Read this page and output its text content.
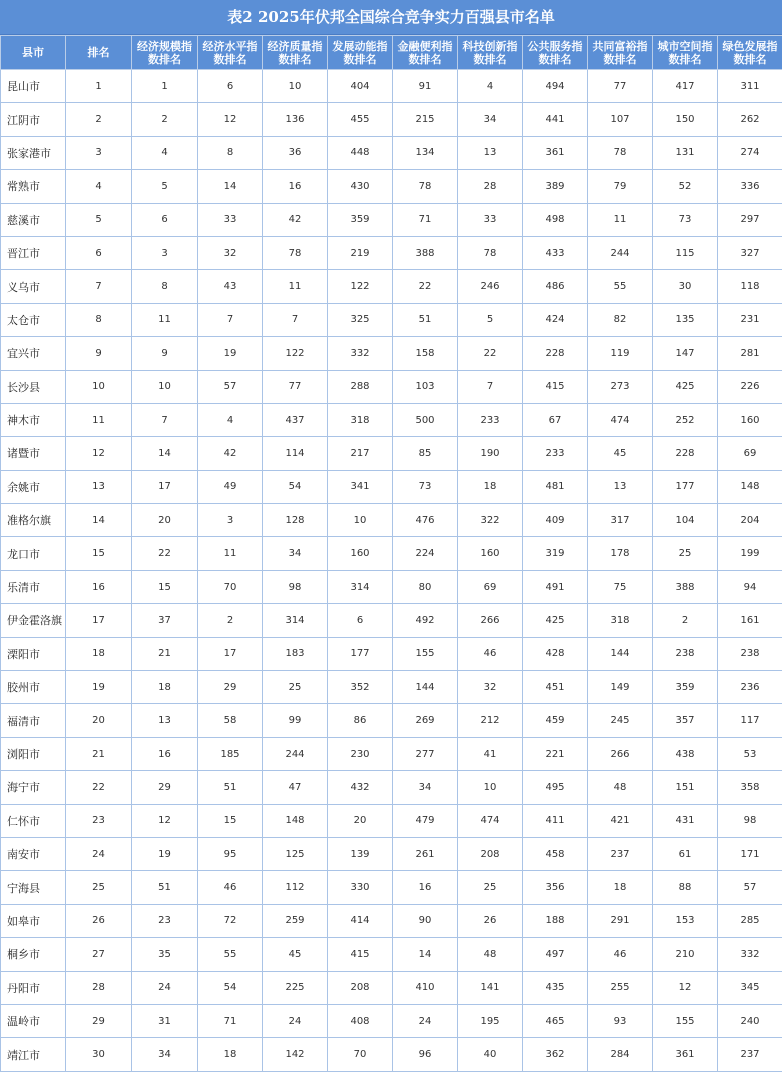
表2 2025年伏邦全国综合竞争实力百强县市名单
县市	排名	经济规模指数排名	经济水平指数排名	经济质量指数排名	发展动能指数排名	金融便利指数排名	科技创新指数排名	公共服务指数排名	共同富裕指数排名	城市空间指数排名	绿色发展指数排名
昆山市	1	1	6	10	404	91	4	494	77	417	311
江阴市	2	2	12	136	455	215	34	441	107	150	262
张家港市	3	4	8	36	448	134	13	361	78	131	274
常熟市	4	5	14	16	430	78	28	389	79	52	336
慈溪市	5	6	33	42	359	71	33	498	11	73	297
晋江市	6	3	32	78	219	388	78	433	244	115	327
义乌市	7	8	43	11	122	22	246	486	55	30	118
太仓市	8	11	7	7	325	51	5	424	82	135	231
宜兴市	9	9	19	122	332	158	22	228	119	147	281
长沙县	10	10	57	77	288	103	7	415	273	425	226
神木市	11	7	4	437	318	500	233	67	474	252	160
诸暨市	12	14	42	114	217	85	190	233	45	228	69
余姚市	13	17	49	54	341	73	18	481	13	177	148
准格尔旗	14	20	3	128	10	476	322	409	317	104	204
龙口市	15	22	11	34	160	224	160	319	178	25	199
乐清市	16	15	70	98	314	80	69	491	75	388	94
伊金霍洛旗	17	37	2	314	6	492	266	425	318	2	161
溧阳市	18	21	17	183	177	155	46	428	144	238	238
胶州市	19	18	29	25	352	144	32	451	149	359	236
福清市	20	13	58	99	86	269	212	459	245	357	117
浏阳市	21	16	185	244	230	277	41	221	266	438	53
海宁市	22	29	51	47	432	34	10	495	48	151	358
仁怀市	23	12	15	148	20	479	474	411	421	431	98
南安市	24	19	95	125	139	261	208	458	237	61	171
宁海县	25	51	46	112	330	16	25	356	18	88	57
如皋市	26	23	72	259	414	90	26	188	291	153	285
桐乡市	27	35	55	45	415	14	48	497	46	210	332
丹阳市	28	24	54	225	208	410	141	435	255	12	345
温岭市	29	31	71	24	408	24	195	465	93	155	240
靖江市	30	34	18	142	70	96	40	362	284	361	237
